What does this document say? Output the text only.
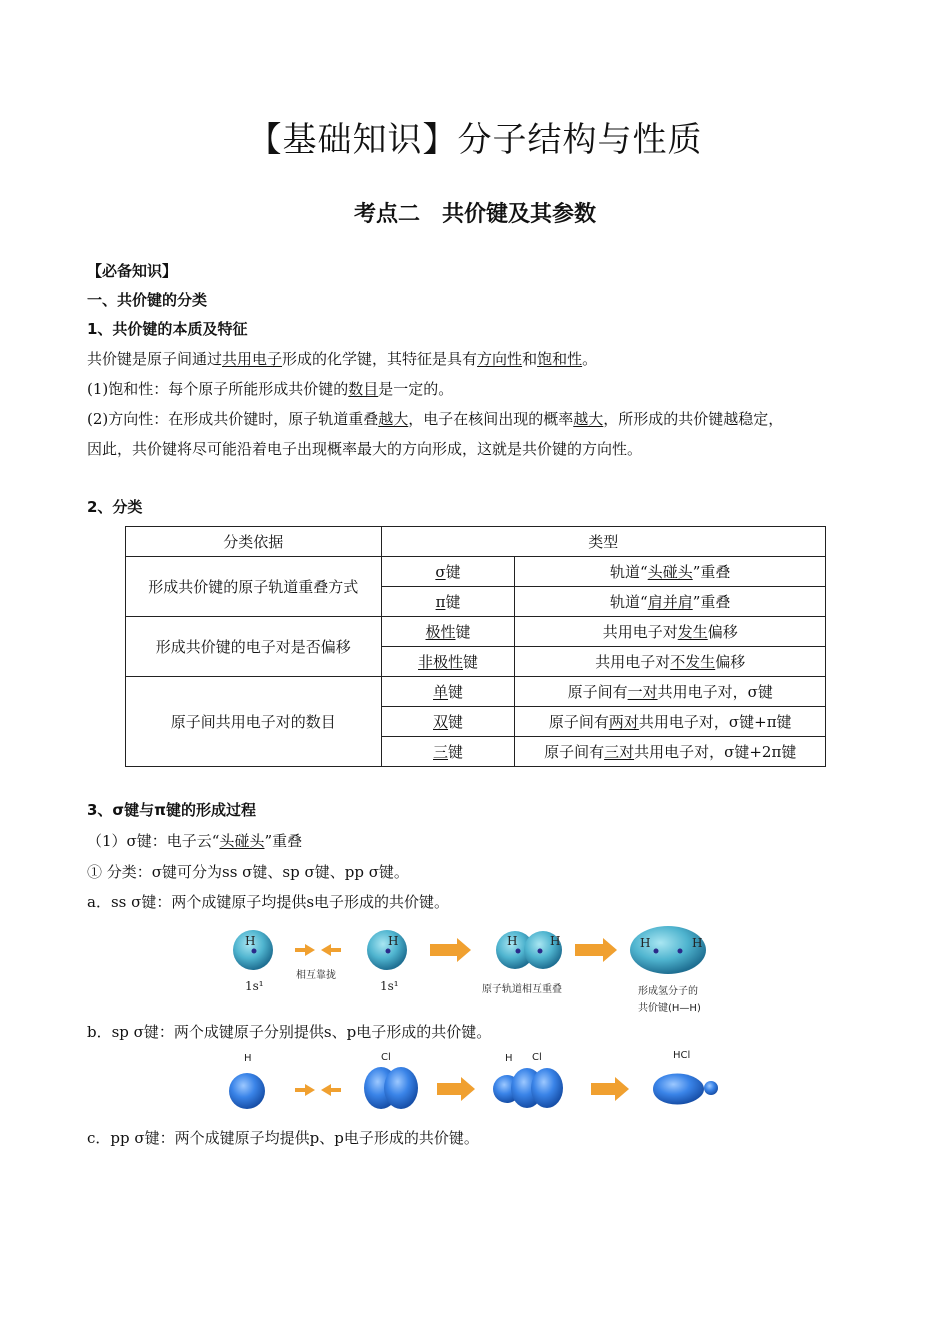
【基础知识】分子结构与性质
考点二　共价键及其参数
【必备知识】
一、共价键的分类
1、共价键的本质及特征
共价键是原子间通过共用电子形成的化学键，其特征是具有方向性和饱和性。
(1)饱和性：每个原子所能形成共价键的数目是一定的。
(2)方向性：在形成共价键时，原子轨道重叠越大，电子在核间出现的概率越大，所形成的共价键越稳定，
因此，共价键将尽可能沿着电子出现概率最大的方向形成，这就是共价键的方向性。
2、分类
分类依据	类型	
形成共价键的原子轨道重叠方式	σ键	轨道“头碰头”重叠
	π键	轨道“肩并肩”重叠
形成共价键的电子对是否偏移	极性键	共用电子对发生偏移
	非极性键	共用电子对不发生偏移
原子间共用电子对的数目	单键	原子间有一对共用电子对，σ键
	双键	原子间有两对共用电子对，σ键+π键
	三键	原子间有三对共用电子对，σ键+2π键
3、σ键与π键的形成过程
（1）σ键：电子云“头碰头”重叠
① 分类：σ键可分为ss σ键、sp σ键、pp σ键。
a．ss σ键：两个成键原子均提供s电子形成的共价键。
H	H	H	H	H	H
1s¹	1s¹
相互靠拢
原子轨道相互重叠	形成氢分子的
共价键(H—H)
b．sp σ键：两个成键原子分别提供s、p电子形成的共价键。
H	Cl	H Cl	HCl
c．pp σ键：两个成键原子均提供p、p电子形成的共价键。
